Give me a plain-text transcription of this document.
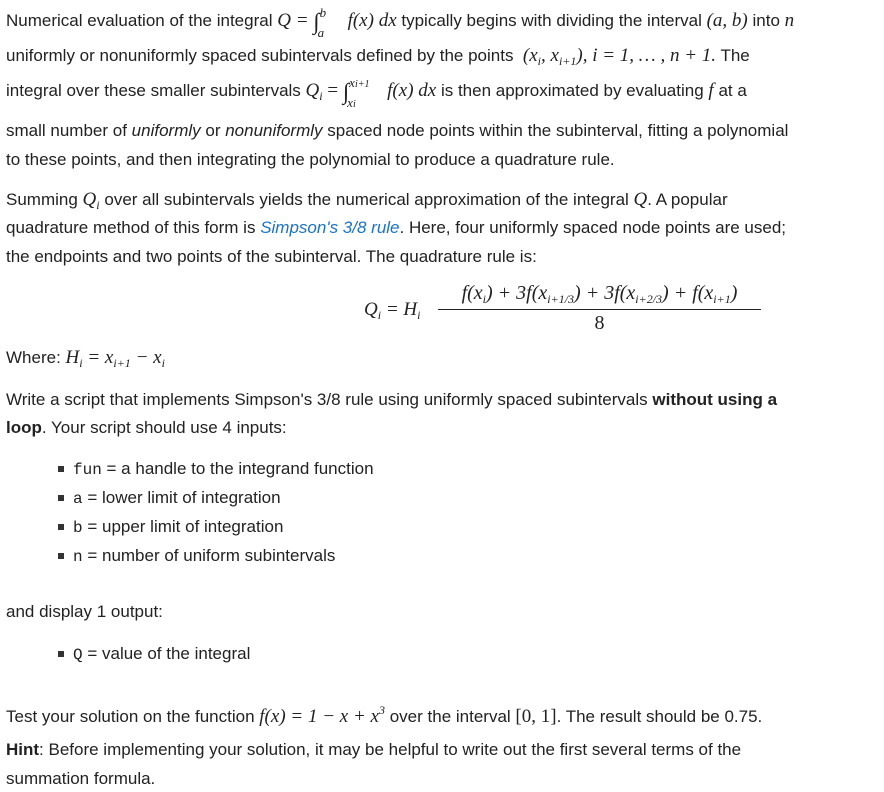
Numerical evaluation of the integral Q = ∫ b
a
f(x) dx typically begins with dividing the interval (a, b) into n
uniformly or nonuniformly spaced subintervals defined by the points ($x_i$, $x_{i+1}$), i = 1, … , n + 1. The
integral over these smaller subintervals $Q_i$ = ∫ xi+1
xi
f(x) dx is then approximated by evaluating f at a
small number of uniformly or nonuniformly spaced node points within the subinterval, fitting a polynomial
to these points, and then integrating the polynomial to produce a quadrature rule.
Summing $Q_i$ over all subintervals yields the numerical approximation of the integral Q. A popular
quadrature method of this form is Simpson's 3/8 rule. Here, four uniformly spaced node points are used;
the endpoints and two points of the subinterval. The quadrature rule is:
$Q_i = H_i$
$f(x_i) + 3f(x_{i+1/3}) + 3f(x_{i+2/3}) + f(x_{i+1})$
8
Where: $H_i = x_{i+1} - x_i$
Write a script that implements Simpson's 3/8 rule using uniformly spaced subintervals without using a
loop. Your script should use 4 inputs:
fun = a handle to the integrand function
a = lower limit of integration
b = upper limit of integration
n = number of uniform subintervals
and display 1 output:
Q = value of the integral
Test your solution on the function $f(x) = 1 - x + x^3$ over the interval [0, 1]. The result should be 0.75.
Hint: Before implementing your solution, it may be helpful to write out the first several terms of the
summation formula.
